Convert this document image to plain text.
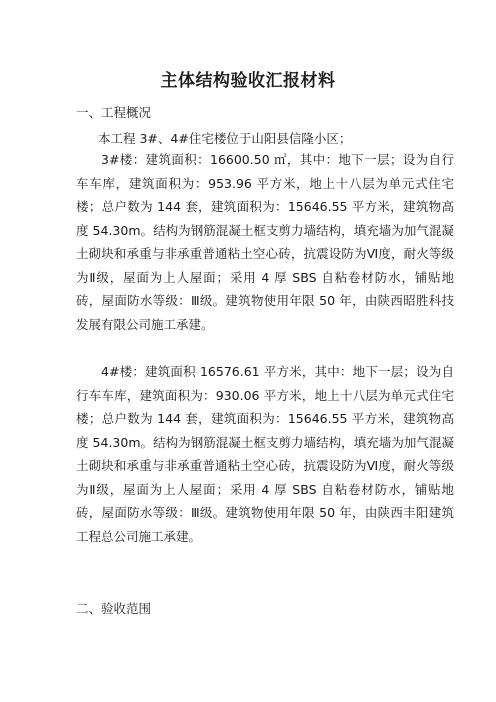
主体结构验收汇报材料
一、工程概况
本工程 3#、4#住宅楼位于山阳县信隆小区；
3#楼：建筑面积：16600.50 ㎡，其中：地下一层；设为自行车车库，建筑面积为：953.96 平方米，地上十八层为单元式住宅楼；总户数为 144 套，建筑面积为：15646.55 平方米，建筑物高度 54.30m。结构为钢筋混凝土框支剪力墙结构，填充墙为加气混凝土砌块和承重与非承重普通粘土空心砖，抗震设防为Ⅵ度，耐火等级为Ⅱ级，屋面为上人屋面；采用 4 厚 SBS 自粘卷材防水，铺贴地砖，屋面防水等级：Ⅲ级。建筑物使用年限 50 年，由陕西昭胜科技发展有限公司施工承建。
4#楼：建筑面积 16576.61 平方米，其中：地下一层；设为自行车车库，建筑面积为：930.06 平方米，地上十八层为单元式住宅楼；总户数为 144 套，建筑面积为：15646.55 平方米，建筑物高度 54.30m。结构为钢筋混凝土框支剪力墙结构，填充墙为加气混凝土砌块和承重与非承重普通粘土空心砖，抗震设防为Ⅵ度，耐火等级为Ⅱ级，屋面为上人屋面；采用 4 厚 SBS 自粘卷材防水，铺贴地砖，屋面防水等级：Ⅲ级。建筑物使用年限 50 年，由陕西丰阳建筑工程总公司施工承建。
二、验收范围
